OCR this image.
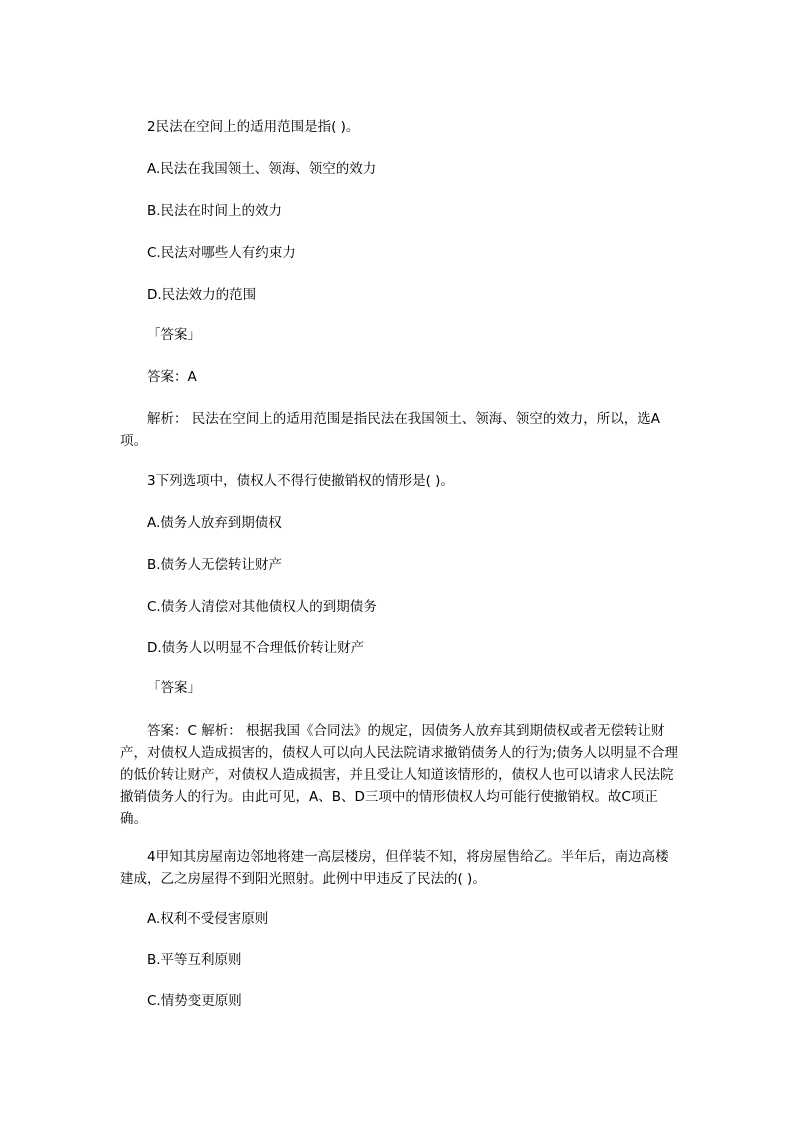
2民法在空间上的适用范围是指( )。
A.民法在我国领土、领海、领空的效力
B.民法在时间上的效力
C.民法对哪些人有约束力
D.民法效力的范围
「答案」
答案：A
解析： 民法在空间上的适用范围是指民法在我国领土、领海、领空的效力，所以，选A项。
3下列选项中，债权人不得行使撤销权的情形是( )。
A.债务人放弃到期债权
B.债务人无偿转让财产
C.债务人清偿对其他债权人的到期债务
D.债务人以明显不合理低价转让财产
「答案」
答案：C 解析： 根据我国《合同法》的规定，因债务人放弃其到期债权或者无偿转让财产，对债权人造成损害的，债权人可以向人民法院请求撤销债务人的行为;债务人以明显不合理的低价转让财产，对债权人造成损害，并且受让人知道该情形的，债权人也可以请求人民法院撤销债务人的行为。由此可见，A、B、D三项中的情形债权人均可能行使撤销权。故C项正确。
4甲知其房屋南边邻地将建一高层楼房，但佯装不知，将房屋售给乙。半年后，南边高楼建成，乙之房屋得不到阳光照射。此例中甲违反了民法的( )。
A.权利不受侵害原则
B.平等互利原则
C.情势变更原则
